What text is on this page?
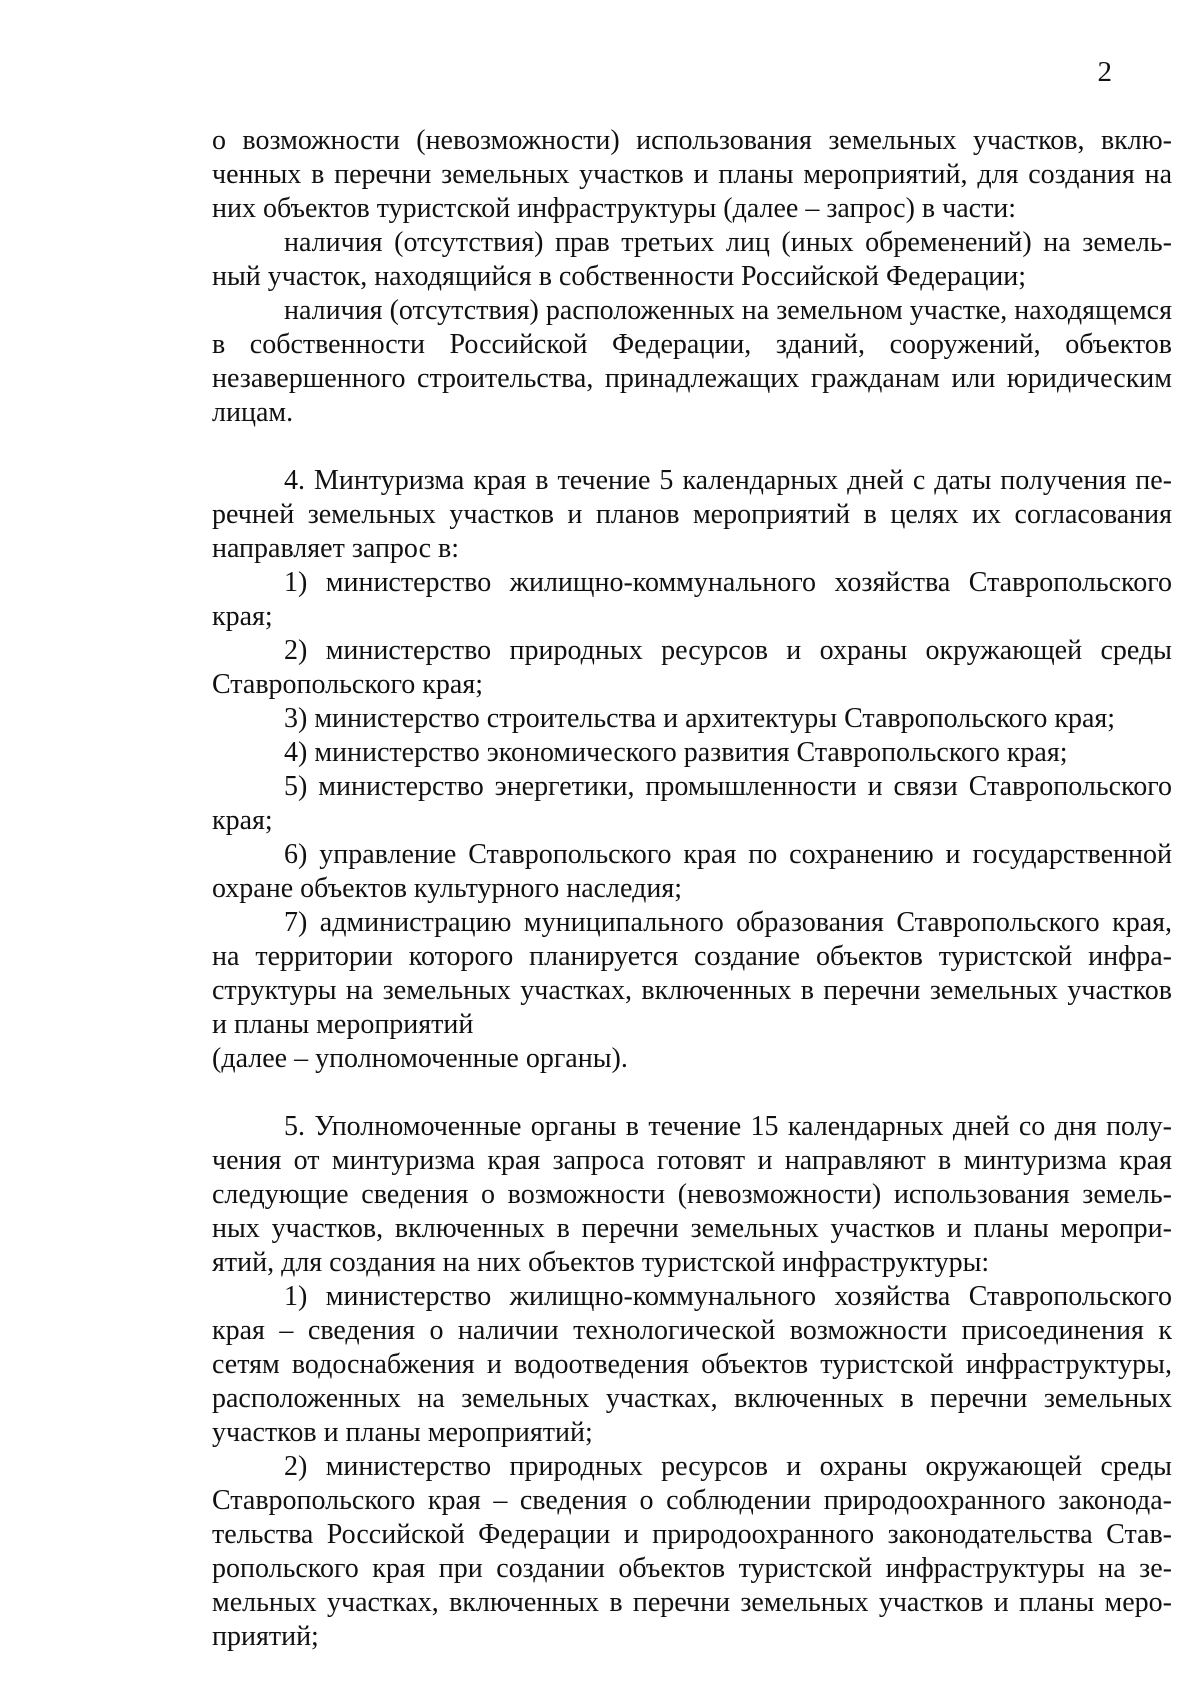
2

о возможности (невозможности) использования земельных участков, включенных в перечни земельных участков и планы мероприятий, для создания на них объектов туристской инфраструктуры (далее – запрос) в части:

наличия (отсутствия) прав третьих лиц (иных обременений) на земельный участок, находящийся в собственности Российской Федерации;

наличия (отсутствия) расположенных на земельном участке, находящемся в собственности Российской Федерации, зданий, сооружений, объектов незавершенного строительства, принадлежащих гражданам или юридическим лицам.

4. Минтуризма края в течение 5 календарных дней с даты получения перечней земельных участков и планов мероприятий в целях их согласования направляет запрос в:

1) министерство жилищно-коммунального хозяйства Ставропольского края;

2) министерство природных ресурсов и охраны окружающей среды Ставропольского края;

3) министерство строительства и архитектуры Ставропольского края;

4) министерство экономического развития Ставропольского края;

5) министерство энергетики, промышленности и связи Ставропольского края;

6) управление Ставропольского края по сохранению и государственной охране объектов культурного наследия;

7) администрацию муниципального образования Ставропольского края, на территории которого планируется создание объектов туристской инфраструктуры на земельных участках, включенных в перечни земельных участков и планы мероприятий

(далее – уполномоченные органы).

5. Уполномоченные органы в течение 15 календарных дней со дня получения от минтуризма края запроса готовят и направляют в минтуризма края следующие сведения о возможности (невозможности) использования земельных участков, включенных в перечни земельных участков и планы мероприятий, для создания на них объектов туристской инфраструктуры:

1) министерство жилищно-коммунального хозяйства Ставропольского края – сведения о наличии технологической возможности присоединения к сетям водоснабжения и водоотведения объектов туристской инфраструктуры, расположенных на земельных участках, включенных в перечни земельных участков и планы мероприятий;

2) министерство природных ресурсов и охраны окружающей среды Ставропольского края – сведения о соблюдении природоохранного законодательства Российской Федерации и природоохранного законодательства Ставропольского края при создании объектов туристской инфраструктуры на земельных участках, включенных в перечни земельных участков и планы мероприятий;
